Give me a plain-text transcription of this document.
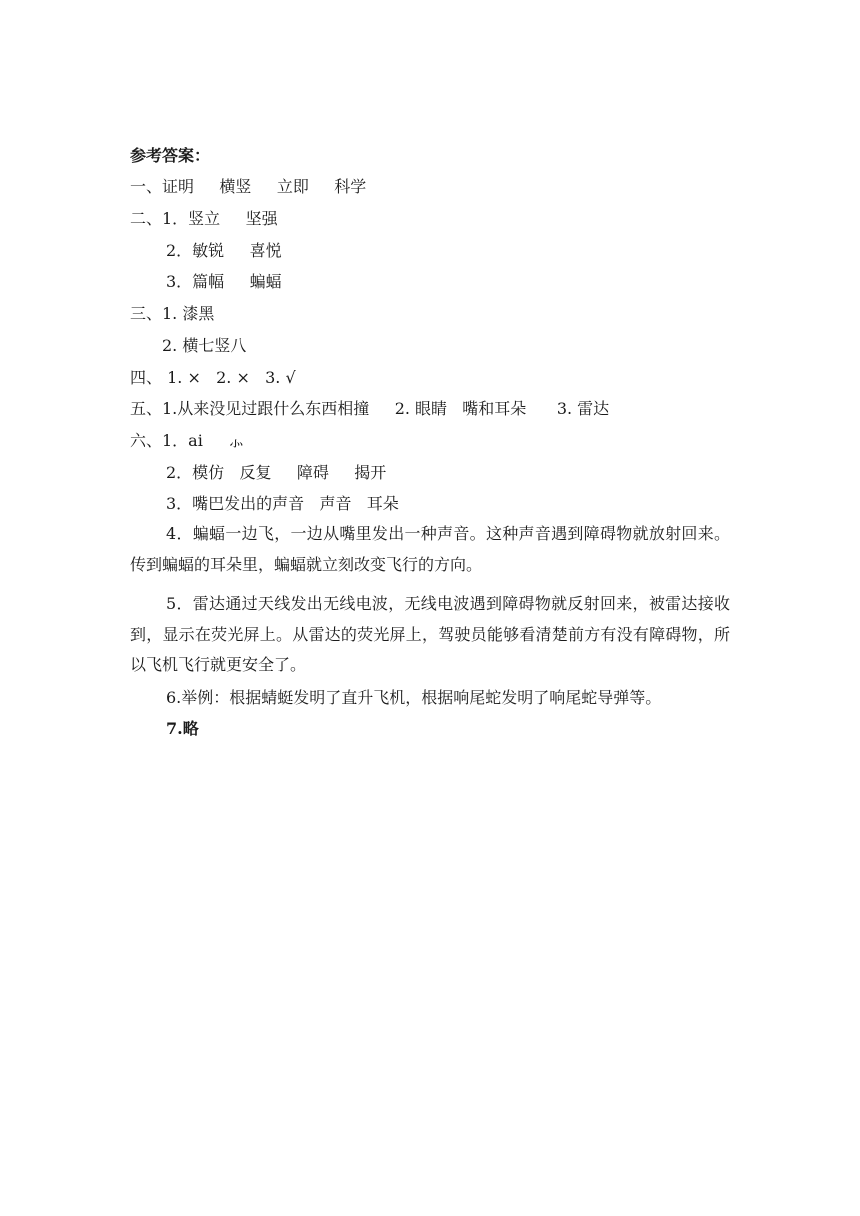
参考答案：
一、证明     横竖     立即     科学
二、1．竖立     坚强
2．敏锐     喜悦
3．篇幅     蝙蝠
三、1. 漆黑
2. 横七竖八
四、 1. ×   2. ×   3. √
五、1.从来没见过跟什么东西相撞     2. 眼睛   嘴和耳朵      3. 雷达
六、1．ai     ⺗
2．模仿   反复     障碍     揭开
3．嘴巴发出的声音   声音   耳朵
4．蝙蝠一边飞，一边从嘴里发出一种声音。这种声音遇到障碍物就放射回来。传到蝙蝠的耳朵里，蝙蝠就立刻改变飞行的方向。
5．雷达通过天线发出无线电波，无线电波遇到障碍物就反射回来，被雷达接收到，显示在荧光屏上。从雷达的荧光屏上，驾驶员能够看清楚前方有没有障碍物，所以飞机飞行就更安全了。
6.举例：根据蜻蜓发明了直升飞机，根据响尾蛇发明了响尾蛇导弹等。
7.略
